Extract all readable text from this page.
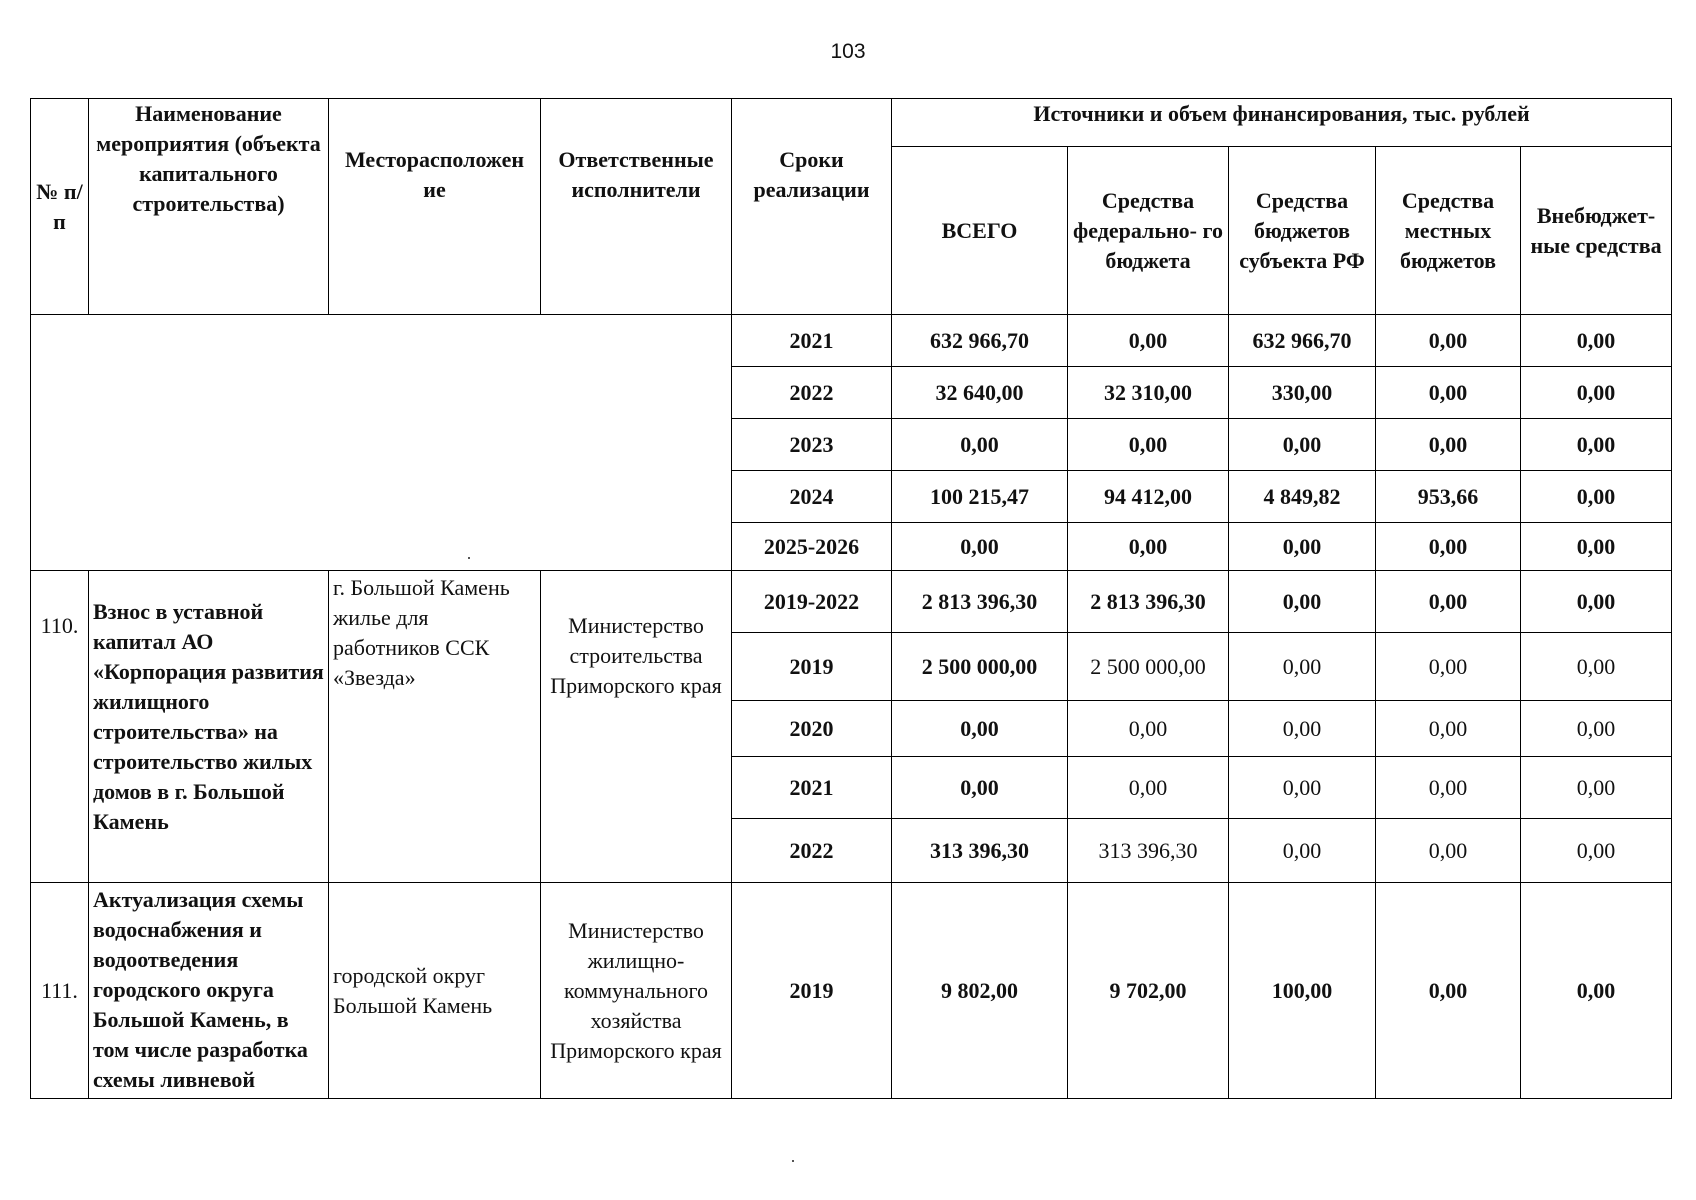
103
№ п/п	Наименование мероприятия (объекта капитального строительства)	Месторасположен ие	Ответственные исполнители	Сроки реализации	Источники и объем финансирования, тыс. рублей				
					ВСЕГО	Средства федерально- го бюджета	Средства бюджетов субъекта РФ	Средства местных бюджетов	Внебюджет- ные средства
				2021	632 966,70	0,00	632 966,70	0,00	0,00
				2022	32 640,00	32 310,00	330,00	0,00	0,00
				2023	0,00	0,00	0,00	0,00	0,00
				2024	100 215,47	94 412,00	4 849,82	953,66	0,00
				2025-2026	0,00	0,00	0,00	0,00	0,00
110.	Взнос в уставной капитал АО «Корпорация развития жилищного строительства» на строительство жилых домов в г. Большой Камень	г. Большой Камень жилье для работников ССК «Звезда»	Министерство строительства Приморского края	2019-2022	2 813 396,30	2 813 396,30	0,00	0,00	0,00
				2019	2 500 000,00	2 500 000,00	0,00	0,00	0,00
				2020	0,00	0,00	0,00	0,00	0,00
				2021	0,00	0,00	0,00	0,00	0,00
				2022	313 396,30	313 396,30	0,00	0,00	0,00
111.	Актуализация схемы водоснабжения и водоотведения городского округа Большой Камень, в том числе разработка схемы ливневой	городской округ Большой Камень	Министерство жилищно- коммунального хозяйства Приморского края	2019	9 802,00	9 702,00	100,00	0,00	0,00
